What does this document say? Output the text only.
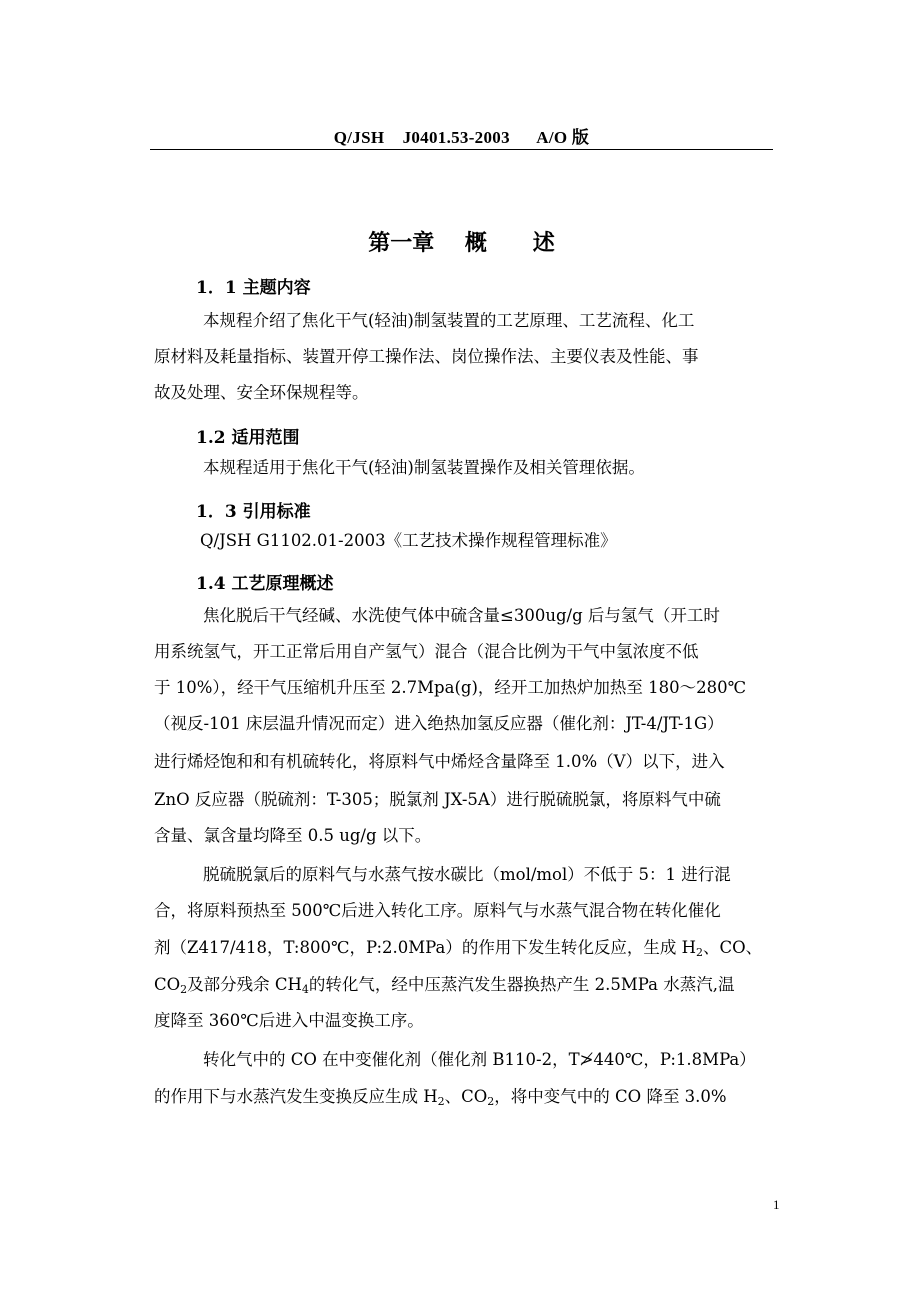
Q/JSH    J0401.53-2003      A/O 版
第一章    概      述
1．1 主题内容
本规程介绍了焦化干气(轻油)制氢装置的工艺原理、工艺流程、化工
原材料及耗量指标、装置开停工操作法、岗位操作法、主要仪表及性能、事
故及处理、安全环保规程等。
1.2 适用范围
本规程适用于焦化干气(轻油)制氢装置操作及相关管理依据。
1．3 引用标准
Q/JSH G1102.01-2003《工艺技术操作规程管理标准》
1.4 工艺原理概述
焦化脱后干气经碱、水洗使气体中硫含量≤300ug/g 后与氢气（开工时
用系统氢气，开工正常后用自产氢气）混合（混合比例为干气中氢浓度不低
于 10%），经干气压缩机升压至 2.7Mpa(g)，经开工加热炉加热至 180～280℃
（视反-101 床层温升情况而定）进入绝热加氢反应器（催化剂：JT-4/JT-1G）
进行烯烃饱和和有机硫转化，将原料气中烯烃含量降至 1.0%（V）以下，进入
ZnO 反应器（脱硫剂：T-305；脱氯剂 JX-5A）进行脱硫脱氯，将原料气中硫
含量、氯含量均降至 0.5 ug/g 以下。
脱硫脱氯后的原料气与水蒸气按水碳比（mol/mol）不低于 5：1 进行混
合，将原料预热至 500℃后进入转化工序。原料气与水蒸气混合物在转化催化
剂（Z417/418，T:800℃，P:2.0MPa）的作用下发生转化反应，生成 $H_2$、CO、
$CO_2$及部分残余 $CH_4$的转化气，经中压蒸汽发生器换热产生 2.5MPa 水蒸汽,温
度降至 360℃后进入中温变换工序。
转化气中的 CO 在中变催化剂（催化剂 B110-2，T≯440℃，P:1.8MPa）
的作用下与水蒸汽发生变换反应生成 $H_2$、$CO_2$，将中变气中的 CO 降至 3.0%
1
